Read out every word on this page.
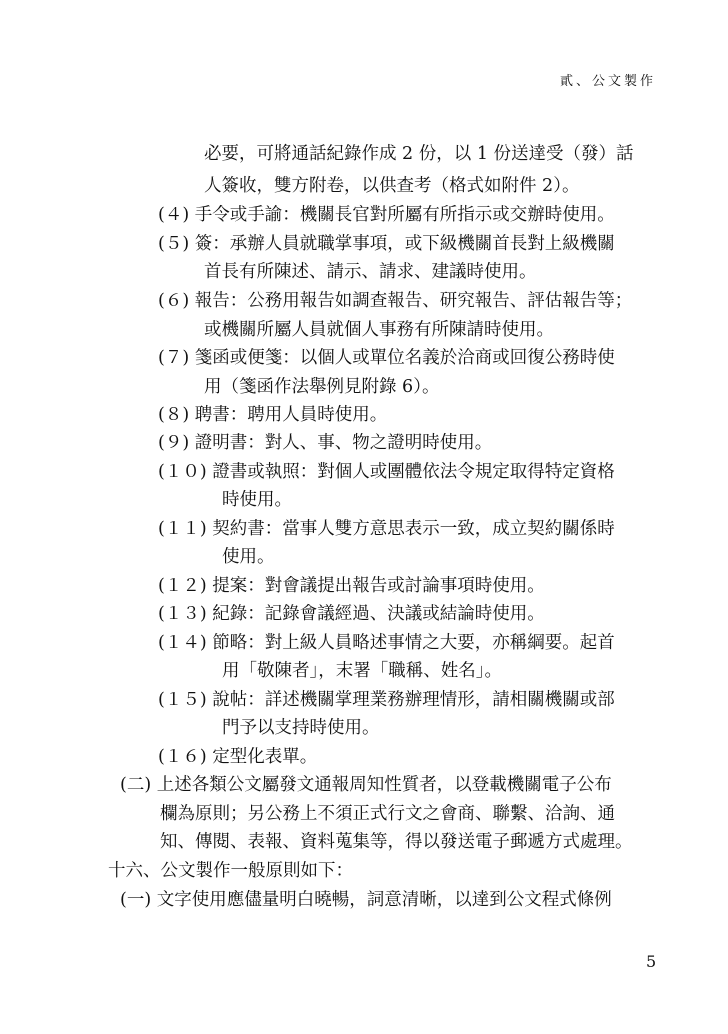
貳、公文製作
必要，可將通話紀錄作成 2 份，以 1 份送達受（發）話
人簽收，雙方附卷，以供查考（格式如附件 2）。
(４) 手令或手諭：機關長官對所屬有所指示或交辦時使用。
(５) 簽：承辦人員就職掌事項，或下級機關首長對上級機關
首長有所陳述、請示、請求、建議時使用。
(６) 報告：公務用報告如調查報告、研究報告、評估報告等；
或機關所屬人員就個人事務有所陳請時使用。
(７) 箋函或便箋：以個人或單位名義於洽商或回復公務時使
用（箋函作法舉例見附錄 6）。
(８) 聘書：聘用人員時使用。
(９) 證明書：對人、事、物之證明時使用。
(１０) 證書或執照：對個人或團體依法令規定取得特定資格
時使用。
(１１) 契約書：當事人雙方意思表示一致，成立契約關係時
使用。
(１２) 提案：對會議提出報告或討論事項時使用。
(１３) 紀錄：記錄會議經過、決議或結論時使用。
(１４) 節略：對上級人員略述事情之大要，亦稱綱要。起首
用「敬陳者」，末署「職稱、姓名」。
(１５) 說帖：詳述機關掌理業務辦理情形，請相關機關或部
門予以支持時使用。
(１６) 定型化表單。
(二) 上述各類公文屬發文通報周知性質者，以登載機關電子公布
欄為原則；另公務上不須正式行文之會商、聯繫、洽詢、通
知、傳閱、表報、資料蒐集等，得以發送電子郵遞方式處理。
十六、公文製作一般原則如下：
(一) 文字使用應儘量明白曉暢，詞意清晰，以達到公文程式條例
5
